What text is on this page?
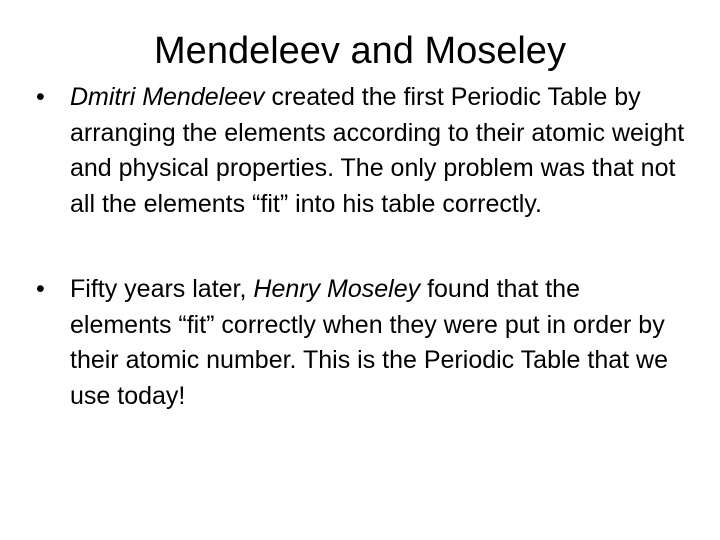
Mendeleev and Moseley
•	Dmitri Mendeleev created the first Periodic Table by arranging the elements according to their atomic weight and physical properties. The only problem was that not all the elements “fit” into his table correctly.
•	Fifty years later, Henry Moseley found that the elements “fit” correctly when they were put in order by their atomic number. This is the Periodic Table that we use today!
